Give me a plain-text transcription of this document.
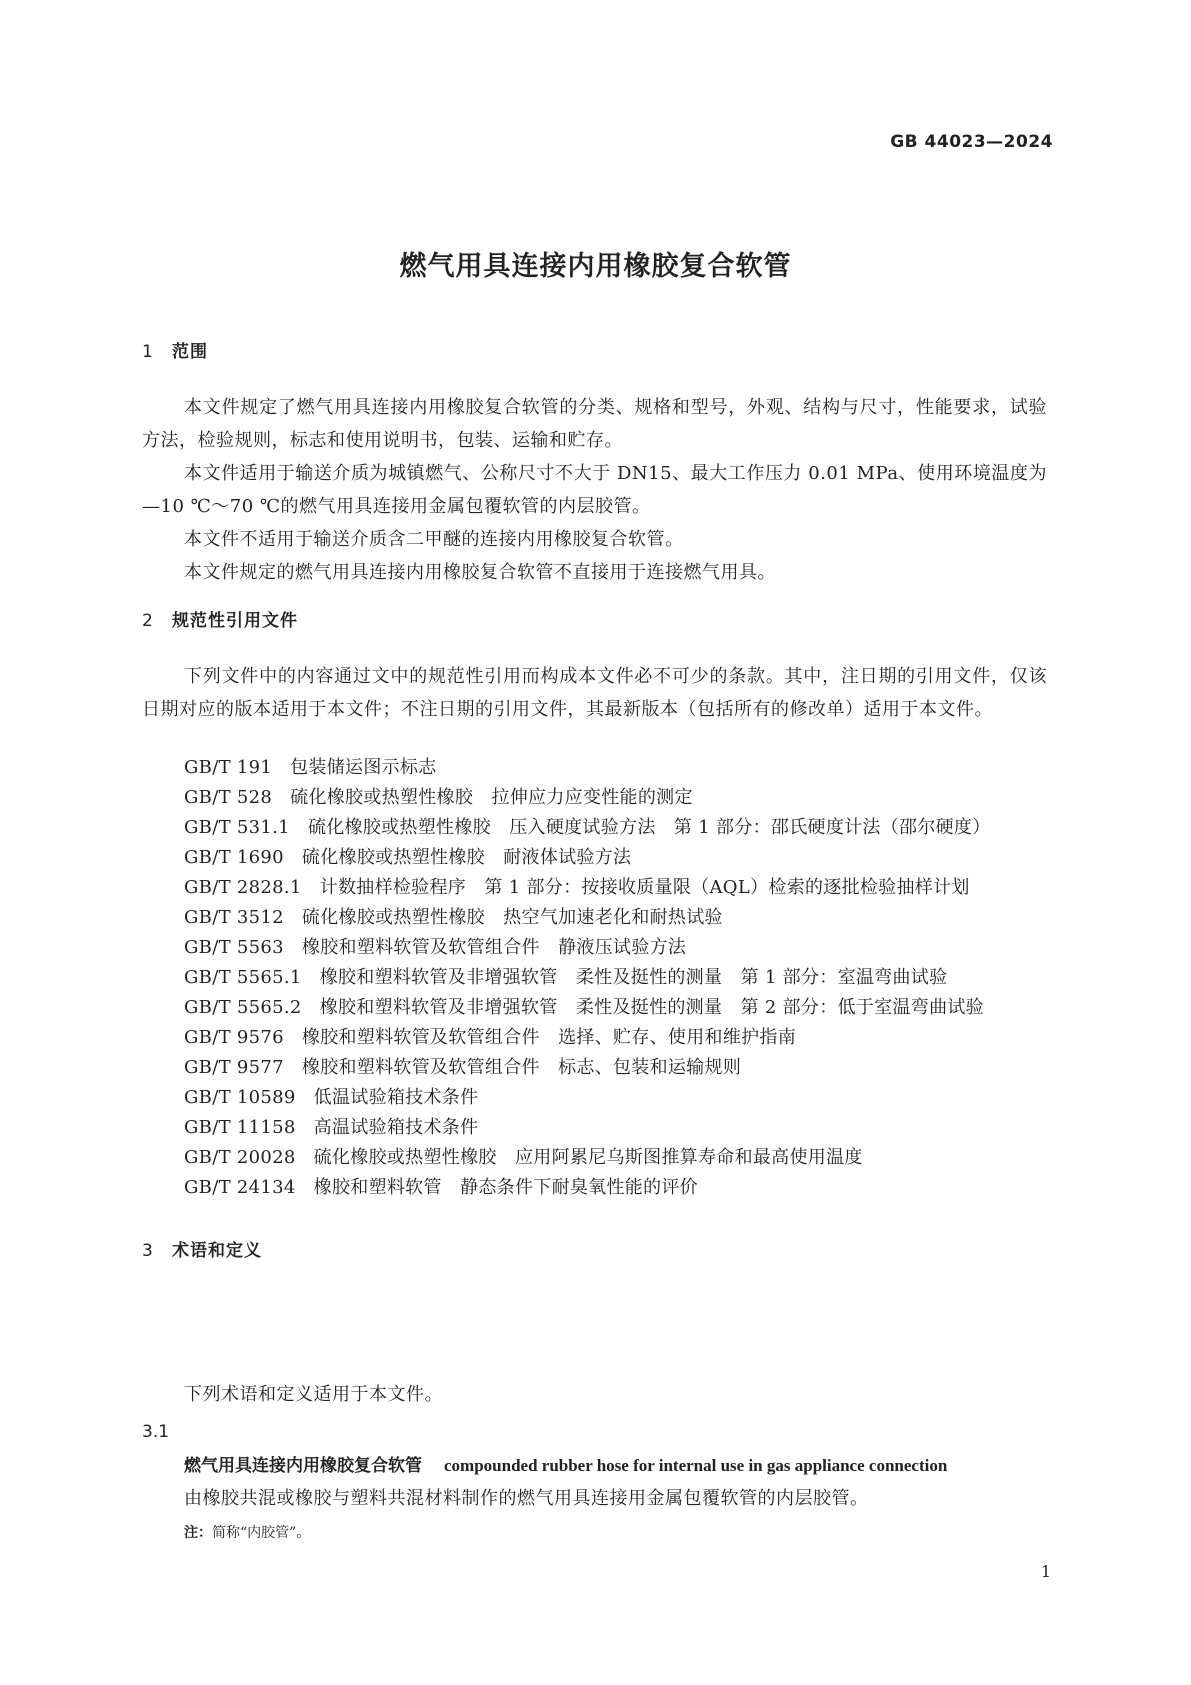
GB 44023—2024
燃气用具连接内用橡胶复合软管
1 范围

本文件规定了燃气用具连接内用橡胶复合软管的分类、规格和型号，外观、结构与尺寸，性能要求，试验方法，检验规则，标志和使用说明书，包装、运输和贮存。

本文件适用于输送介质为城镇燃气、公称尺寸不大于 DN15、最大工作压力 0.01 MPa、使用环境温度为—10 ℃～70 ℃的燃气用具连接用金属包覆软管的内层胶管。

本文件不适用于输送介质含二甲醚的连接内用橡胶复合软管。

本文件规定的燃气用具连接内用橡胶复合软管不直接用于连接燃气用具。

2 规范性引用文件

下列文件中的内容通过文中的规范性引用而构成本文件必不可少的条款。其中，注日期的引用文件，仅该日期对应的版本适用于本文件；不注日期的引用文件，其最新版本（包括所有的修改单）适用于本文件。

GB/T 191 包装储运图示标志
GB/T 528 硫化橡胶或热塑性橡胶　拉伸应力应变性能的测定
GB/T 531.1 硫化橡胶或热塑性橡胶　压入硬度试验方法　第 1 部分：邵氏硬度计法（邵尔硬度）
GB/T 1690 硫化橡胶或热塑性橡胶　耐液体试验方法
GB/T 2828.1 计数抽样检验程序　第 1 部分：按接收质量限（AQL）检索的逐批检验抽样计划
GB/T 3512 硫化橡胶或热塑性橡胶　热空气加速老化和耐热试验
GB/T 5563 橡胶和塑料软管及软管组合件　静液压试验方法
GB/T 5565.1 橡胶和塑料软管及非增强软管　柔性及挺性的测量　第 1 部分：室温弯曲试验
GB/T 5565.2 橡胶和塑料软管及非增强软管　柔性及挺性的测量　第 2 部分：低于室温弯曲试验
GB/T 9576 橡胶和塑料软管及软管组合件　选择、贮存、使用和维护指南
GB/T 9577 橡胶和塑料软管及软管组合件　标志、包装和运输规则
GB/T 10589 低温试验箱技术条件
GB/T 11158 高温试验箱技术条件
GB/T 20028 硫化橡胶或热塑性橡胶　应用阿累尼乌斯图推算寿命和最高使用温度
GB/T 24134 橡胶和塑料软管　静态条件下耐臭氧性能的评价
3 术语和定义

下列术语和定义适用于本文件。

3.1
燃气用具连接内用橡胶复合软管 compounded rubber hose for internal use in gas appliance connection
由橡胶共混或橡胶与塑料共混材料制作的燃气用具连接用金属包覆软管的内层胶管。
注：简称“内胶管”。
1
